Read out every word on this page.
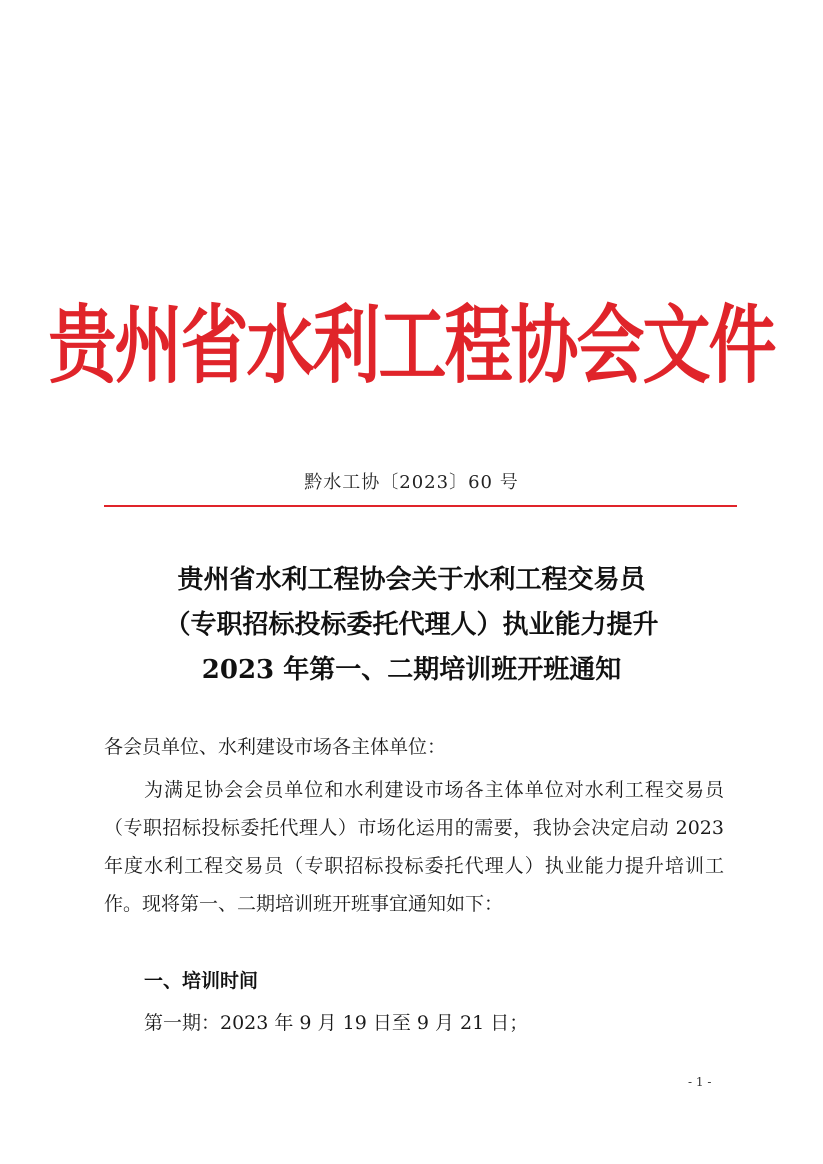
贵州省水利工程协会文件
黔水工协〔2023〕60 号
贵州省水利工程协会关于水利工程交易员
（专职招标投标委托代理人）执业能力提升
2023 年第一、二期培训班开班通知
各会员单位、水利建设市场各主体单位：
为满足协会会员单位和水利建设市场各主体单位对水利工程交易员（专职招标投标委托代理人）市场化运用的需要，我协会决定启动 2023 年度水利工程交易员（专职招标投标委托代理人）执业能力提升培训工作。现将第一、二期培训班开班事宜通知如下：
一、培训时间
第一期：2023 年 9 月 19 日至 9 月 21 日；
- 1 -
